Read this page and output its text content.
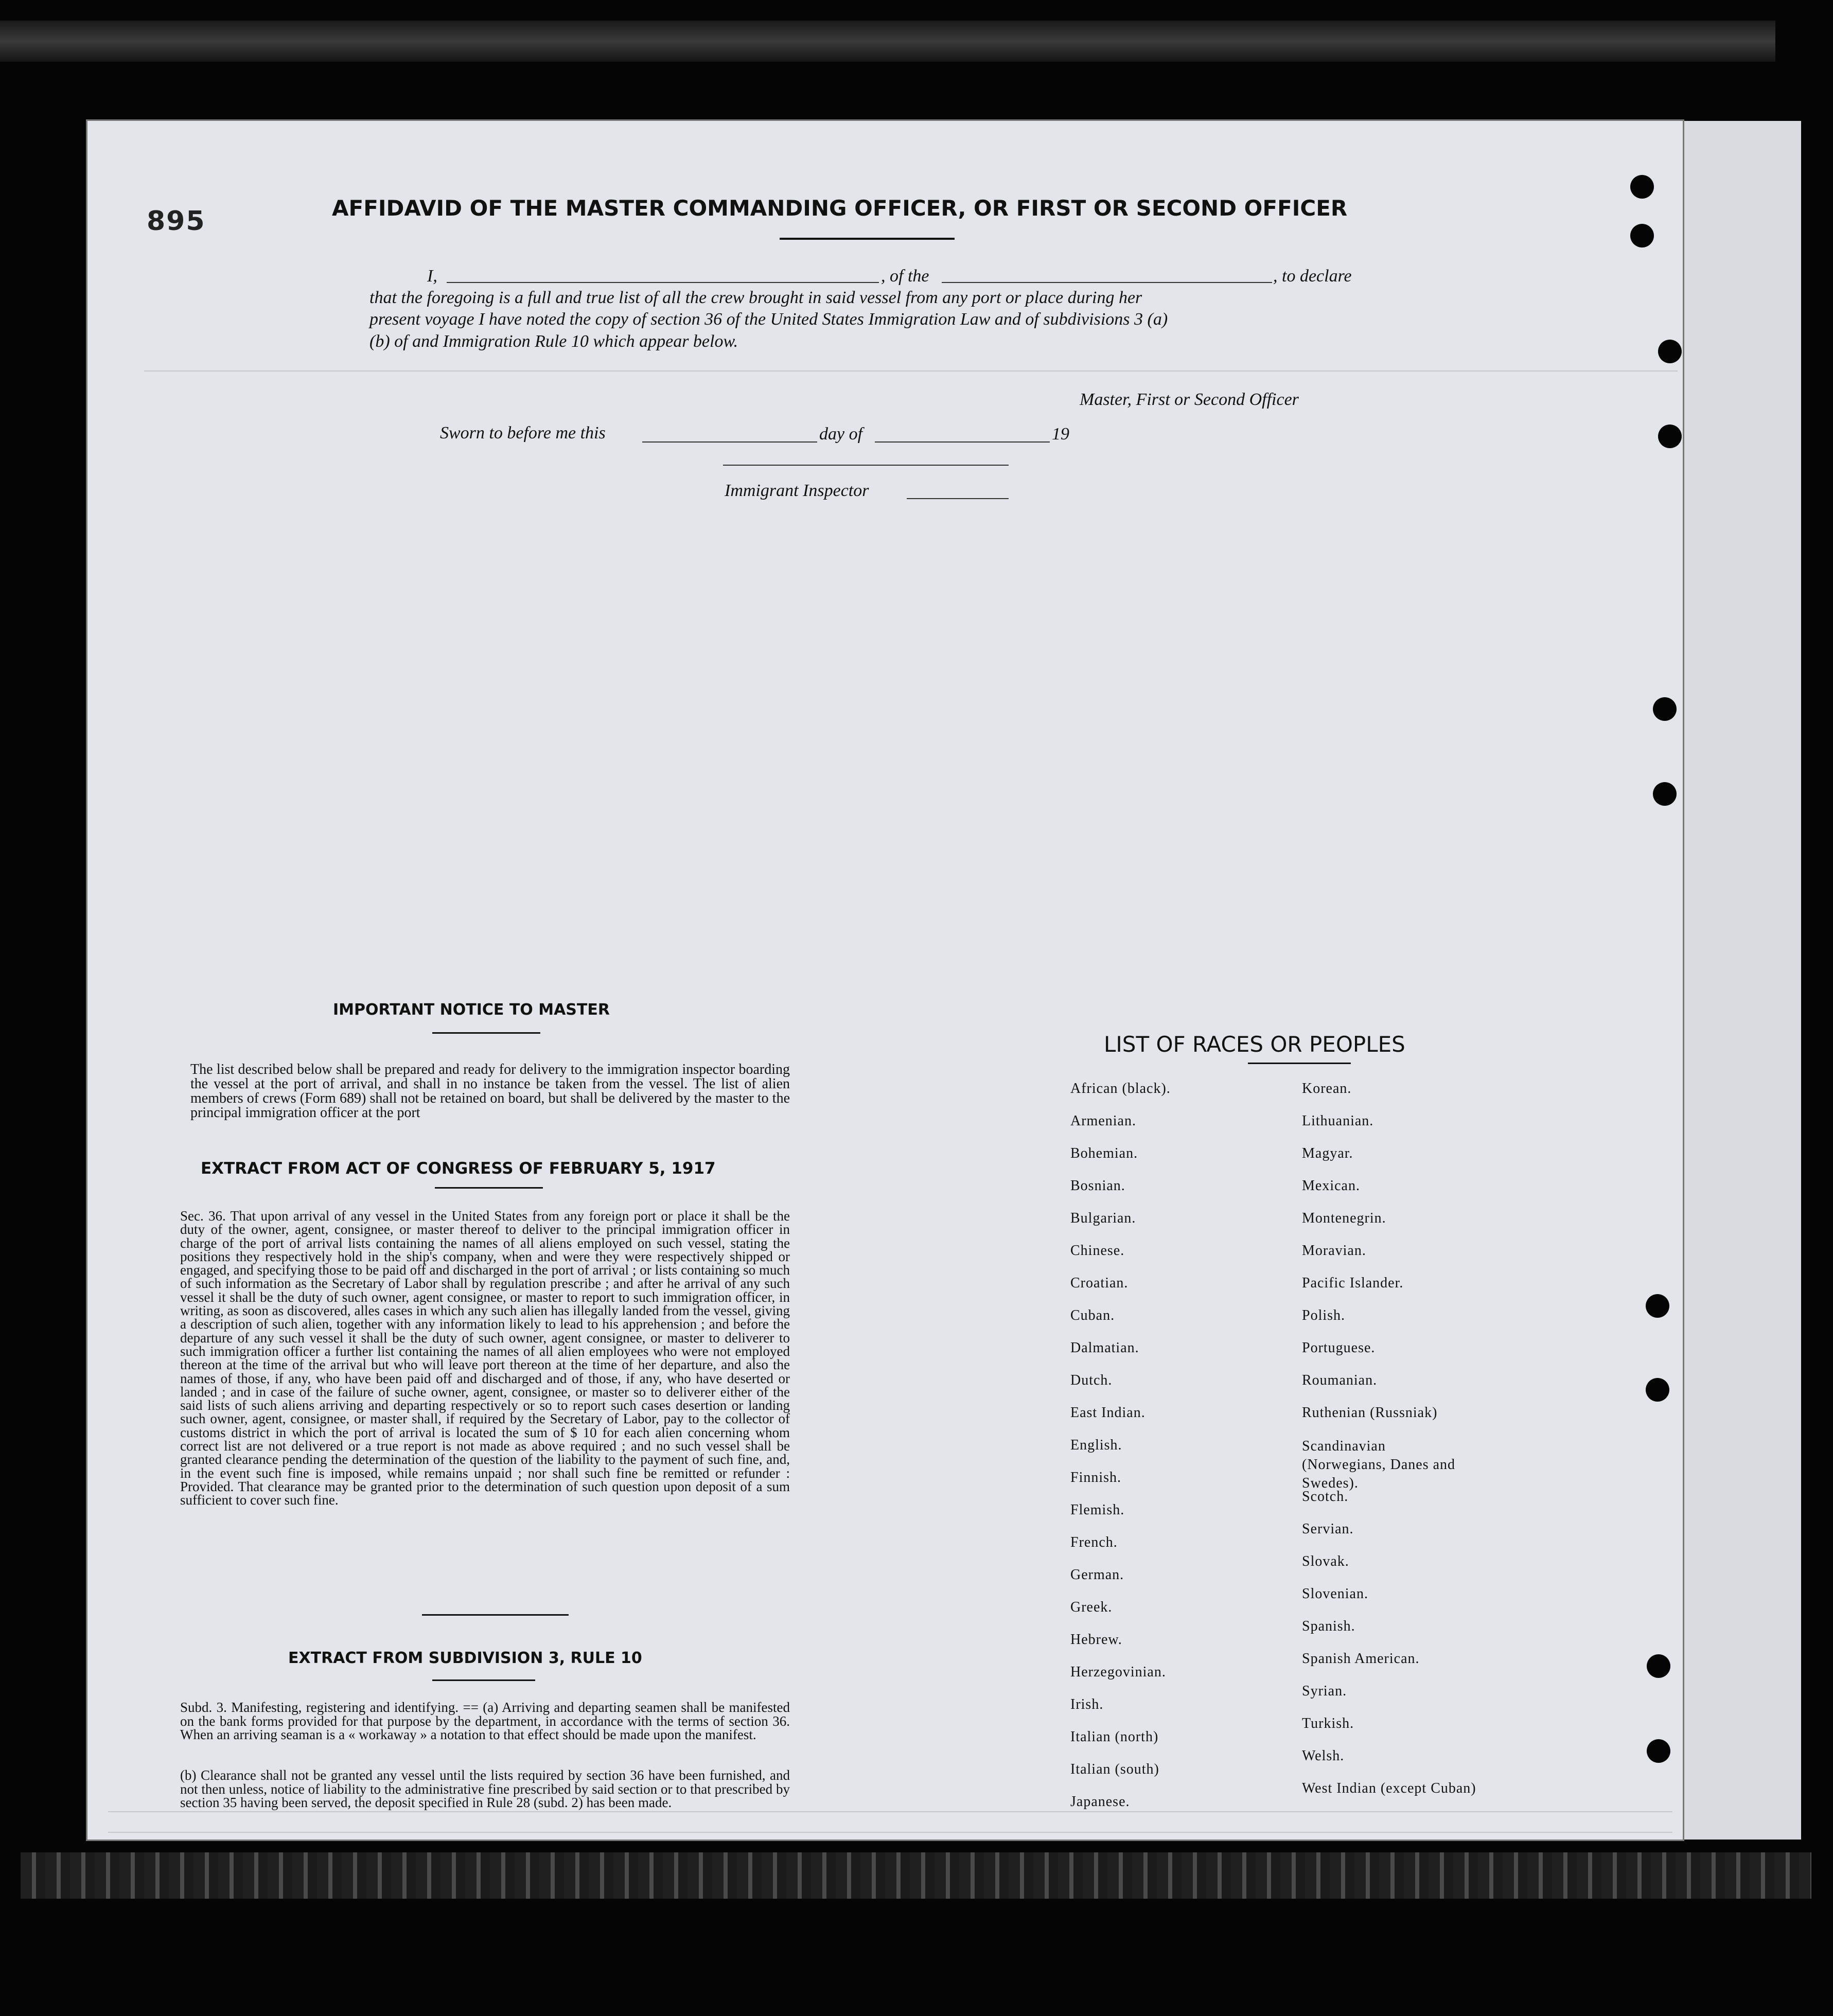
895	AFFIDAVID OF THE MASTER COMMANDING OFFICER, OR FIRST OR SECOND OFFICER
I,	, of the	, to declare
that the foregoing is a full and true list of all the crew brought in said vessel from any port or place during her
present voyage I have noted the copy of section 36 of the United States Immigration Law and of subdivisions 3 (a)
(b) of and Immigration Rule 10 which appear below.
Master, First or Second Officer
Sworn to before me this	day of	19
Immigrant Inspector
IMPORTANT NOTICE TO MASTER
The list described below shall be prepared and ready for delivery to the immigration inspector boarding the vessel at the port of arrival, and shall in no instance be taken from the vessel. The list of alien members of crews (Form 689) shall not be retained on board, but shall be delivered by the master to the principal immigration officer at the port
EXTRACT FROM ACT OF CONGRESS OF FEBRUARY 5, 1917
Sec. 36. That upon arrival of any vessel in the United States from any foreign port or place it shall be the duty of the owner, agent, consignee, or master thereof to deliver to the principal immigration officer in charge of the port of arrival lists containing the names of all aliens employed on such vessel, stating the positions they respectively hold in the ship's company, when and were they were respectively shipped or engaged, and specifying those to be paid off and discharged in the port of arrival ; or lists containing so much of such information as the Secretary of Labor shall by regulation prescribe ; and after he arrival of any such vessel it shall be the duty of such owner, agent consignee, or master to report to such immigration officer, in writing, as soon as discovered, alles cases in which any such alien has illegally landed from the vessel, giving a description of such alien, together with any information likely to lead to his apprehension ; and before the departure of any such vessel it shall be the duty of such owner, agent consignee, or master to deliverer to such immigration officer a further list containing the names of all alien employees who were not employed thereon at the time of the arrival but who will leave port thereon at the time of her departure, and also the names of those, if any, who have been paid off and discharged and of those, if any, who have deserted or landed ; and in case of the failure of suche owner, agent, consignee, or master so to deliverer either of the said lists of such aliens arriving and departing respectively or so to report such cases desertion or landing such owner, agent, consignee, or master shall, if required by the Secretary of Labor, pay to the collector of customs district in which the port of arrival is located the sum of $ 10 for each alien concerning whom correct list are not delivered or a true report is not made as above required ; and no such vessel shall be granted clearance pending the determination of the question of the liability to the payment of such fine, and, in the event such fine is imposed, while remains unpaid ; nor shall such fine be remitted or refunder : Provided. That clearance may be granted prior to the determination of such question upon deposit of a sum sufficient to cover such fine.
EXTRACT FROM SUBDIVISION 3, RULE 10
Subd. 3. Manifesting, registering and identifying. == (a) Arriving and departing seamen shall be manifested on the bank forms provided for that purpose by the department, in accordance with the terms of section 36. When an arriving seaman is a « workaway » a notation to that effect should be made upon the manifest.
(b) Clearance shall not be granted any vessel until the lists required by section 36 have been furnished, and not then unless, notice of liability to the administrative fine prescribed by said section or to that prescribed by section 35 having been served, the deposit specified in Rule 28 (subd. 2) has been made.
LIST OF RACES OR PEOPLES
African (black).
Armenian.
Bohemian.
Bosnian.
Bulgarian.
Chinese.
Croatian.
Cuban.
Dalmatian.
Dutch.
East Indian.
English.
Finnish.
Flemish.
French.
German.
Greek.
Hebrew.
Herzegovinian.
Irish.
Italian (north)
Italian (south)
Japanese.
Korean.
Lithuanian.
Magyar.
Mexican.
Montenegrin.
Moravian.
Pacific Islander.
Polish.
Portuguese.
Roumanian.
Ruthenian (Russniak)
Scandinavian (Norwegians, Danes and Swedes).
Scotch.
Servian.
Slovak.
Slovenian.
Spanish.
Spanish American.
Syrian.
Turkish.
Welsh.
West Indian (except Cuban)
